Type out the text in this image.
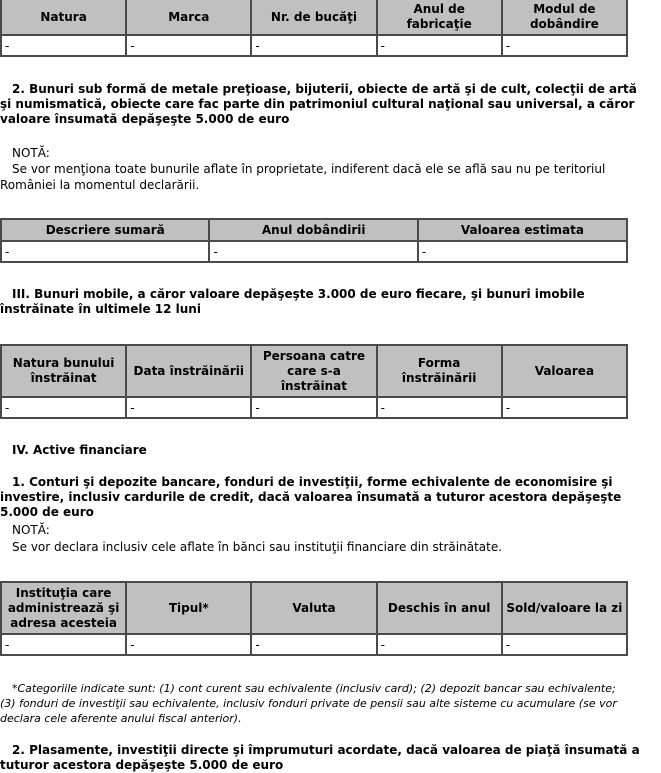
Natura	Marca	Nr. de bucăţi	Anul de fabricaţie	Modul de dobândire
-	-	-	-	-
2. Bunuri sub formă de metale preţioase, bijuterii, obiecte de artă şi de cult, colecţii de artă şi numismatică, obiecte care fac parte din patrimoniul cultural naţional sau universal, a căror valoare însumată depăşeşte 5.000 de euro
NOTĂ:
Se vor menţiona toate bunurile aflate în proprietate, indiferent dacă ele se află sau nu pe teritoriul României la momentul declarării.
Descriere sumară	Anul dobândirii	Valoarea estimata
-	-	-
III. Bunuri mobile, a căror valoare depăşeşte 3.000 de euro fiecare, şi bunuri imobile înstrăinate în ultimele 12 luni
Natura bunului înstrăinat	Data înstrăinării	Persoana catre care s-a înstrăinat	Forma înstrăinării	Valoarea
-	-	-	-	-
IV. Active financiare
1. Conturi şi depozite bancare, fonduri de investiţii, forme echivalente de economisire şi investire, inclusiv cardurile de credit, dacă valoarea însumată a tuturor acestora depăşeşte 5.000 de euro
NOTĂ:
Se vor declara inclusiv cele aflate în bănci sau instituţii financiare din străinătate.
Instituţia care administrează şi adresa acesteia	Tipul*	Valuta	Deschis în anul	Sold/valoare la zi
-	-	-	-	-
*Categoriile indicate sunt: (1) cont curent sau echivalente (inclusiv card); (2) depozit bancar sau echivalente; (3) fonduri de investiţii sau echivalente, inclusiv fonduri private de pensii sau alte sisteme cu acumulare (se vor declara cele aferente anului fiscal anterior).
2. Plasamente, investiţii directe şi împrumuturi acordate, dacă valoarea de piaţă însumată a tuturor acestora depăşeşte 5.000 de euro
